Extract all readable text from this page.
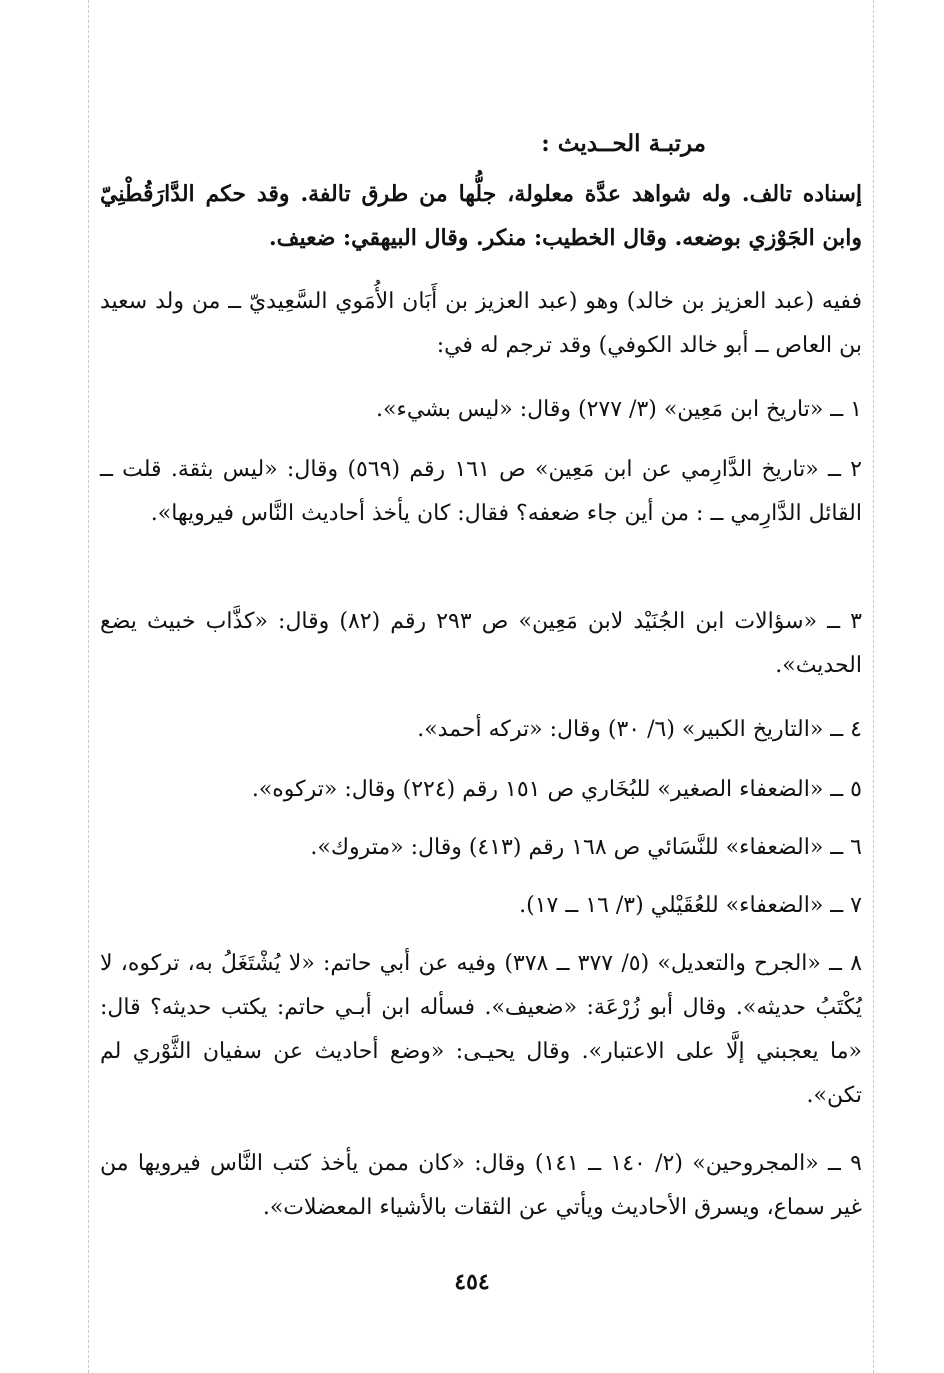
مرتبـة الحــديث :

إسناده تالف. وله شواهد عدَّة معلولة، جلُّها من طرق تالفة. وقد حكم الدَّارَقُطْنِيّ وابن الجَوْزي بوضعه. وقال الخطيب: منكر. وقال البيهقي: ضعيف.

ففيه (عبد العزيز بن خالد) وهو (عبد العزيز بن أَبَان الأُمَوي السَّعِيديّ ــ من ولد سعيد بن العاص ــ أبو خالد الكوفي) وقد ترجم له في:

١ ــ «تاريخ ابن مَعِين» (٣/ ٢٧٧) وقال: «ليس بشيء».

٢ ــ «تاريخ الدَّارِمي عن ابن مَعِين» ص ١٦١ رقم (٥٦٩) وقال: «ليس بثقة. قلت ــ القائل الدَّارِمي ــ : من أين جاء ضعفه؟ فقال: كان يأخذ أحاديث النَّاس فيرويها».

٣ ــ «سؤالات ابن الجُنَيْد لابن مَعِين» ص ٢٩٣ رقم (٨٢) وقال: «كذَّاب خبيث يضع الحديث».

٤ ــ «التاريخ الكبير» (٦/ ٣٠) وقال: «تركه أحمد».

٥ ــ «الضعفاء الصغير» للبُخَاري ص ١٥١ رقم (٢٢٤) وقال: «تركوه».

٦ ــ «الضعفاء» للنَّسَائي ص ١٦٨ رقم (٤١٣) وقال: «متروك».

٧ ــ «الضعفاء» للعُقَيْلي (٣/ ١٦ ــ ١٧).

٨ ــ «الجرح والتعديل» (٥/ ٣٧٧ ــ ٣٧٨) وفيه عن أبي حاتم: «لا يُشْتَغَلُ به، تركوه، لا يُكْتَبُ حديثه». وقال أبو زُرْعَة: «ضعيف». فسأله ابن أبـي حاتم: يكتب حديثه؟ قال: «ما يعجبني إلَّا على الاعتبار». وقال يحيـى: «وضع أحاديث عن سفيان الثَّوْري لم تكن».

٩ ــ «المجروحين» (٢/ ١٤٠ ــ ١٤١) وقال: «كان ممن يأخذ كتب النَّاس فيرويها من غير سماع، ويسرق الأحاديث ويأتي عن الثقات بالأشياء المعضلات».

٤٥٤
